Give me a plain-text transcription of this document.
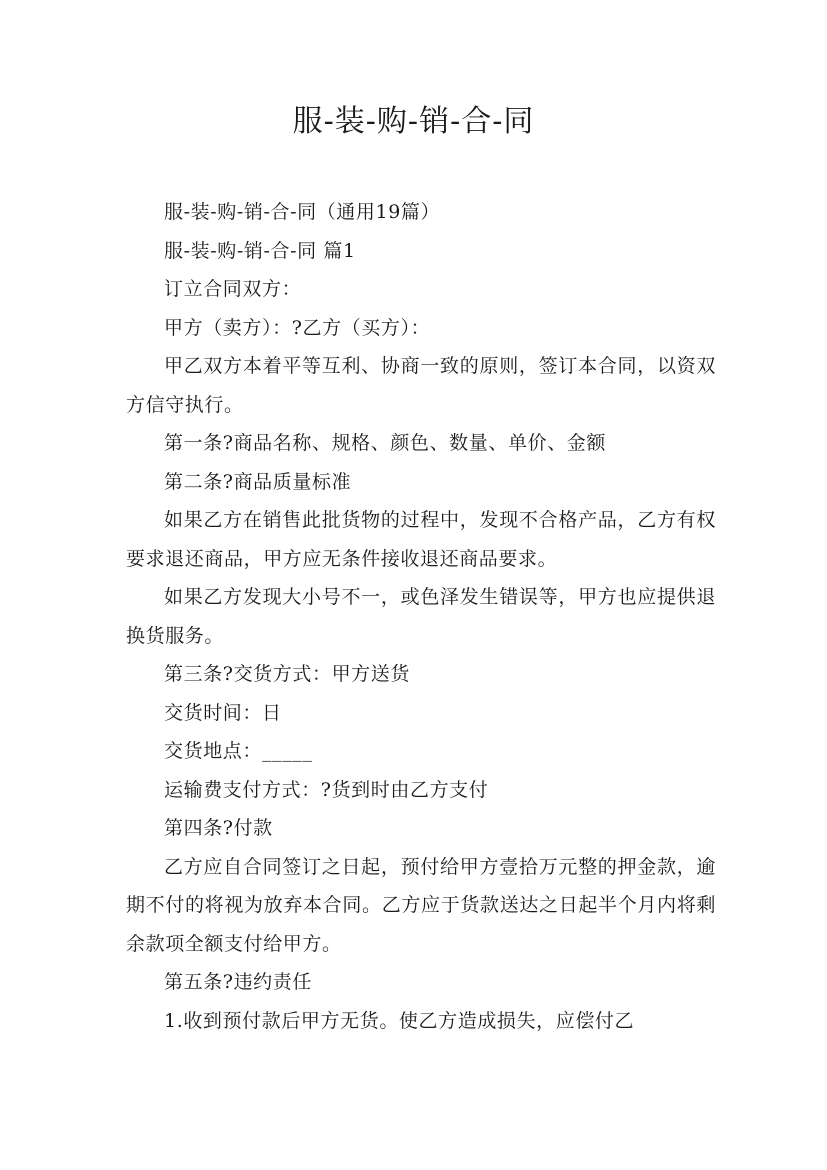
服-装-购-销-合-同

服-装-购-销-合-同（通用19篇）

服-装-购-销-合-同 篇1

订立合同双方：

甲方（卖方）：?乙方（买方）：

甲乙双方本着平等互利、协商一致的原则，签订本合同，以资双方信守执行。

第一条?商品名称、规格、颜色、数量、单价、金额

第二条?商品质量标准

如果乙方在销售此批货物的过程中，发现不合格产品，乙方有权要求退还商品，甲方应无条件接收退还商品要求。

如果乙方发现大小号不一，或色泽发生错误等，甲方也应提供退换货服务。

第三条?交货方式：甲方送货

交货时间：日

交货地点：_____

运输费支付方式：?货到时由乙方支付

第四条?付款

乙方应自合同签订之日起，预付给甲方壹拾万元整的押金款，逾期不付的将视为放弃本合同。乙方应于货款送达之日起半个月内将剩余款项全额支付给甲方。

第五条?违约责任

1.收到预付款后甲方无货。使乙方造成损失，应偿付乙
